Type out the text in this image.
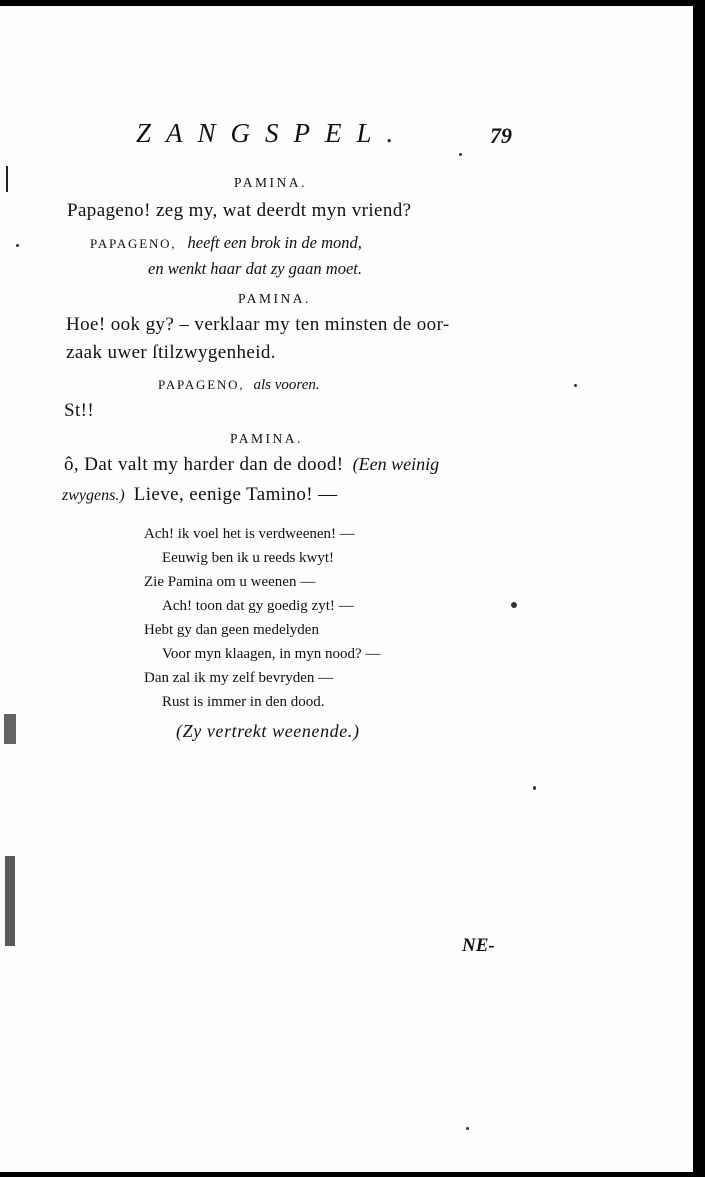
ZANGSPEL.	79
PAMINA.
Papageno! zeg my, wat deerdt myn vriend?
PAPAGENO, heeft een brok in de mond,
en wenkt haar dat zy gaan moet.
PAMINA.
Hoe! ook gy? – verklaar my ten minsten de oor-
zaak uwer ſtilzwygenheid.
PAPAGENO, als vooren.
St!!
PAMINA.
ô, Dat valt my harder dan de dood! (Een weinig
zwygens.) Lieve, eenige Tamino! —
Ach! ik voel het is verdweenen! —
Eeuwig ben ik u reeds kwyt!
Zie Pamina om u weenen —
Ach! toon dat gy goedig zyt! —
Hebt gy dan geen medelyden
Voor myn klaagen, in myn nood? —
Dan zal ik my zelf bevryden —
Rust is immer in den dood.
(Zy vertrekt weenende.)
NE-
